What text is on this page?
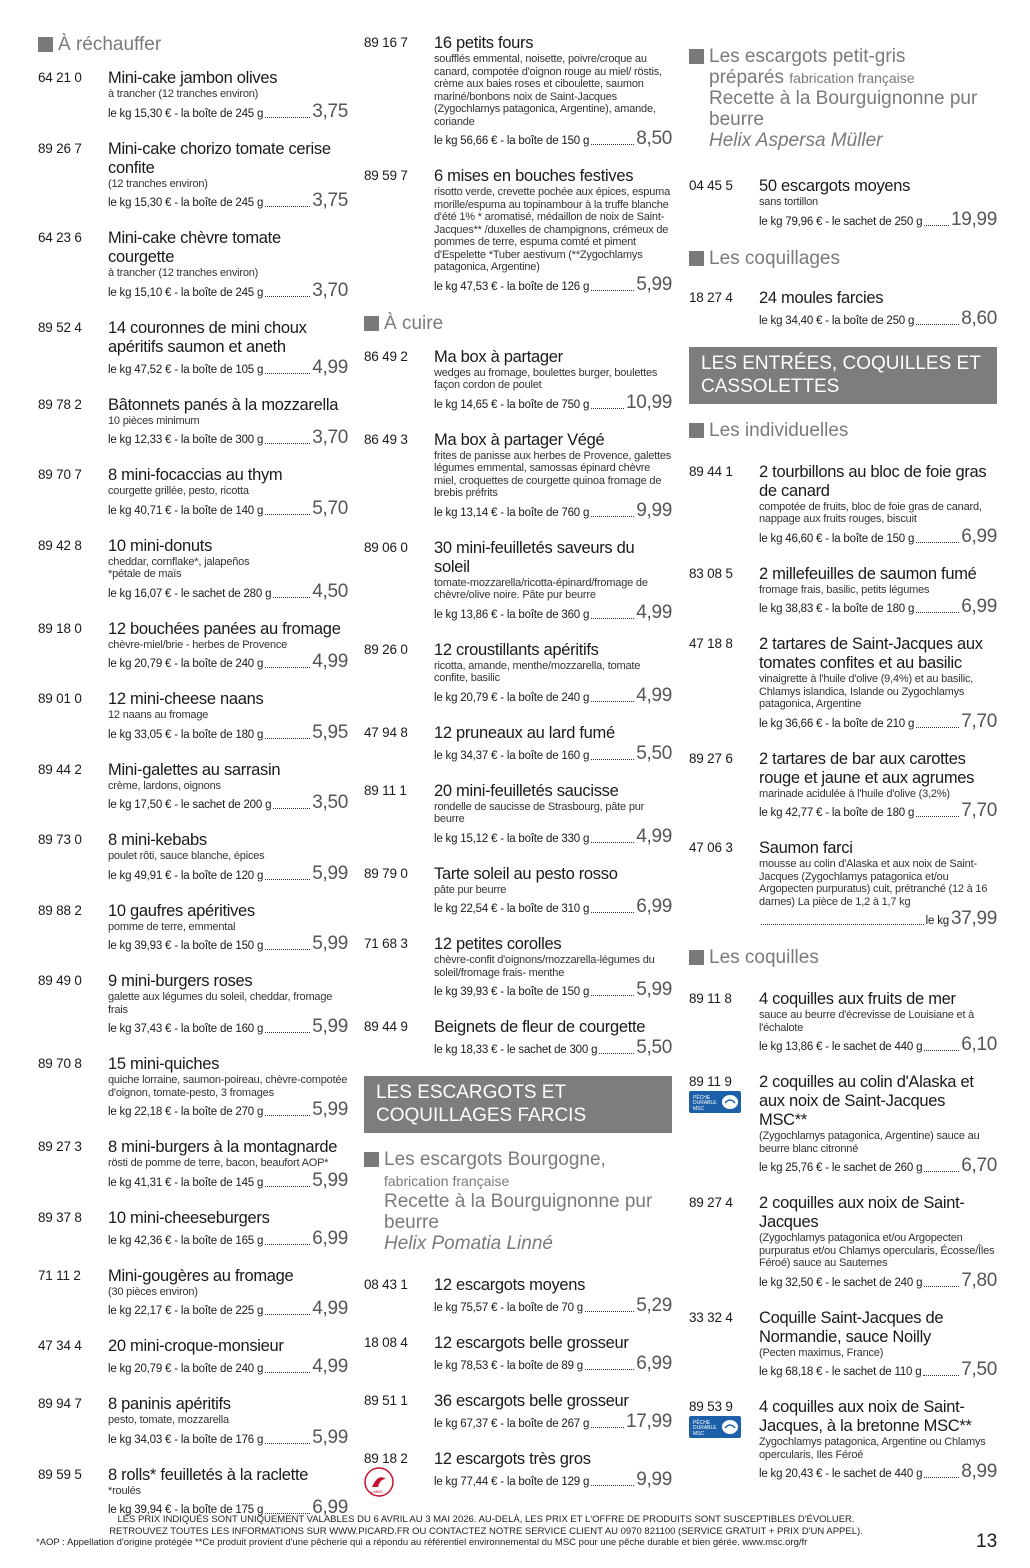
À réchauffer
64 21 0 Mini-cake jambon olives
à trancher (12 tranches environ)
le kg 15,30 € - la boîte de 245 g	3,75
89 26 7 Mini-cake chorizo tomate cerise confite
(12 tranches environ)
le kg 15,30 € - la boîte de 245 g	3,75
64 23 6 Mini-cake chèvre tomate courgette
à trancher (12 tranches environ)
le kg 15,10 € - la boîte de 245 g	3,70
89 52 4 14 couronnes de mini choux apéritifs saumon et aneth
le kg 47,52 € - la boîte de 105 g	4,99
89 78 2 Bâtonnets panés à la mozzarella
10 pièces minimum
le kg 12,33 € - la boîte de 300 g	3,70
89 70 7 8 mini-focaccias au thym
courgette grillée, pesto, ricotta
le kg 40,71 € - la boîte de 140 g	5,70
89 42 8 10 mini-donuts
cheddar, cornflake*, jalapeños
*pétale de maïs
le kg 16,07 € - le sachet de 280 g 4,50
89 18 0 12 bouchées panées au fromage
chèvre-miel/brie - herbes de Provence
le kg 20,79 € - la boîte de 240 g	4,99
89 01 0 12 mini-cheese naans
12 naans au fromage
le kg 33,05 € - la boîte de 180 g	5,95
89 44 2 Mini-galettes au sarrasin
crème, lardons, oignons
le kg 17,50 € - le sachet de 200 g 3,50
89 73 0 8 mini-kebabs
poulet rôti, sauce blanche, épices
le kg 49,91 € - la boîte de 120 g	5,99
89 88 2 10 gaufres apéritives
pomme de terre, emmental
le kg 39,93 € - la boîte de 150 g	5,99
89 49 0 9 mini-burgers roses
galette aux légumes du soleil, cheddar, fromage frais
le kg 37,43 € - la boîte de 160 g	5,99
89 70 8 15 mini-quiches
quiche lorraine, saumon-poireau, chèvre-compotée d'oignon, tomate-pesto, 3 fromages
le kg 22,18 € - la boîte de 270 g	5,99
89 27 3 8 mini-burgers à la montagnarde
rösti de pomme de terre, bacon, beaufort AOP*
le kg 41,31 € - la boîte de 145 g	5,99
89 37 8 10 mini-cheeseburgers
le kg 42,36 € - la boîte de 165 g	6,99
71 11 2 Mini-gougères au fromage
(30 pièces environ)
le kg 22,17 € - la boîte de 225 g	4,99
47 34 4 20 mini-croque-monsieur
le kg 20,79 € - la boîte de 240 g	4,99
89 94 7 8 paninis apéritifs
pesto, tomate, mozzarella
le kg 34,03 € - la boîte de 176 g	5,99
89 59 5 8 rolls* feuilletés à la raclette
*roulés
le kg 39,94 € - la boîte de 175 g	6,99
89 16 7 16 petits fours
soufflés emmental, noisette, poivre/croque au canard, compotée d'oignon rouge au miel/ röstis, crème aux baies roses et ciboulette, saumon mariné/bonbons noix de Saint-Jacques (Zygochlamys patagonica, Argentine), amande, coriande
le kg 56,66 € - la boîte de 150 g 8,50
89 59 7 6 mises en bouches festives
risotto verde, crevette pochée aux épices, espuma morille/espuma au topinambour à la truffe blanche d'été 1% * aromatisé, médaillon de noix de Saint-Jacques** /duxelles de champignons, crémeux de pommes de terre, espuma comté et piment d'Espelette *Tuber aestivum (**Zygochlamys patagonica, Argentine)
le kg 47,53 € - la boîte de 126 g 5,99
À cuire
86 49 2 Ma box à partager
wedges au fromage, boulettes burger, boulettes façon cordon de poulet
le kg 14,65 € - la boîte de 750 g 10,99
86 49 3 Ma box à partager Végé
frites de panisse aux herbes de Provence, galettes légumes emmental, samossas épinard chèvre miel, croquettes de courgette quinoa fromage de brebis préfrits
le kg 13,14 € - la boîte de 760 g 9,99
89 06 0 30 mini-feuilletés saveurs du soleil
tomate-mozzarella/ricotta-épinard/fromage de chèvre/olive noire. Pâte pur beurre
le kg 13,86 € - la boîte de 360 g 4,99
89 26 0 12 croustillants apéritifs
ricotta, amande, menthe/mozzarella, tomate confite, basilic
le kg 20,79 € - la boîte de 240 g 4,99
47 94 8 12 pruneaux au lard fumé
le kg 34,37 € - la boîte de 160 g 5,50
89 11 1 20 mini-feuilletés saucisse
rondelle de saucisse de Strasbourg, pâte pur beurre
le kg 15,12 € - la boîte de 330 g 4,99
89 79 0 Tarte soleil au pesto rosso
pâte pur beurre
le kg 22,54 € - la boîte de 310 g 6,99
71 68 3 12 petites corolles
chèvre-confit d'oignons/mozzarella-légumes du soleil/fromage frais- menthe
le kg 39,93 € - la boîte de 150 g 5,99
89 44 9 Beignets de fleur de courgette
le kg 18,33 € - le sachet de 300 g 5,50
LES ESCARGOTS ET COQUILLAGES FARCIS
Les escargots Bourgogne,
fabrication française
Recette à la Bourguignonne pur beurre
Helix Pomatia Linné
08 43 1 12 escargots moyens
le kg 75,57 € - la boîte de 70 g	5,29
18 08 4 12 escargots belle grosseur
le kg 78,53 € - la boîte de 89 g	6,99
89 51 1 36 escargots belle grosseur
le kg 67,37 € - la boîte de 267 g 17,99
89 18 2
LABEL
12 escargots très gros
le kg 77,44 € - la boîte de 129 g 9,99
Les escargots petit-gris
préparés fabrication française
Recette à la Bourguignonne pur beurre
Helix Aspersa Müller
04 45 5 50 escargots moyens
sans tortillon
le kg 79,96 € - le sachet de 250 g 19,99
Les coquillages
18 27 4 24 moules farcies
le kg 34,40 € - la boîte de 250 g 8,60
LES ENTRÉES, COQUILLES ET CASSOLETTES
Les individuelles
89 44 1 2 tourbillons au bloc de foie gras de canard
compotée de fruits, bloc de foie gras de canard, nappage aux fruits rouges, biscuit
le kg 46,60 € - la boîte de 150 g 6,99
83 08 5 2 millefeuilles de saumon fumé
fromage frais, basilic, petits légumes
le kg 38,83 € - la boîte de 180 g 6,99
47 18 8 2 tartares de Saint-Jacques aux tomates confites et au basilic
vinaigrette à l'huile d'olive (9,4%) et au basilic, Chlamys islandica, Islande ou Zygochlamys patagonica, Argentine
le kg 36,66 € - la boîte de 210 g 7,70
89 27 6 2 tartares de bar aux carottes rouge et jaune et aux agrumes
marinade acidulée à l'huile d'olive (3,2%)
le kg 42,77 € - la boîte de 180 g 7,70
47 06 3 Saumon farci
mousse au colin d'Alaska et aux noix de Saint-Jacques (Zygochlamys patagonica et/ou Argopecten purpuratus) cuit, prétranché (12 à 16 darnes) La pièce de 1,2 à 1,7 kg
le kg 37,99
Les coquilles
89 11 8 4 coquilles aux fruits de mer
sauce au beurre d'écrevisse de Louisiane et à l'échalote
le kg 13,86 € - le sachet de 440 g 6,10
89 11 9
PÊCHE
DURABLE
MSC
2 coquilles au colin d'Alaska et aux noix de Saint-Jacques MSC**
(Zygochlamys patagonica, Argentine) sauce au beurre blanc citronné
le kg 25,76 € - le sachet de 260 g 6,70
89 27 4 2 coquilles aux noix de Saint-Jacques
(Zygochlamys patagonica et/ou Argopecten purpuratus et/ou Chlamys opercularis, Écosse/Îles Féroé) sauce au Sauternes
le kg 32,50 € - le sachet de 240 g 7,80
33 32 4 Coquille Saint-Jacques de Normandie, sauce Noilly
(Pecten maximus, France)
le kg 68,18 € - le sachet de 110 g 7,50
89 53 9
PÊCHE
DURABLE
MSC
4 coquilles aux noix de Saint-Jacques, à la bretonne MSC**
Zygochlamys patagonica, Argentine ou Chlamys opercularis, Iles Féroé
le kg 20,43 € - le sachet de 440 g 8,99
LES PRIX INDIQUÉS SONT UNIQUEMENT VALABLES DU 6 AVRIL AU 3 MAI 2026. AU-DELÀ, LES PRIX ET L'OFFRE DE PRODUITS SONT SUSCEPTIBLES D'ÉVOLUER.
RETROUVEZ TOUTES LES INFORMATIONS SUR WWW.PICARD.FR OU CONTACTEZ NOTRE SERVICE CLIENT AU 0970 821100 (SERVICE GRATUIT + PRIX D'UN APPEL).
*AOP : Appellation d'origine protégée **Ce produit provient d'une pêcherie qui a répondu au référentiel environnemental du MSC pour une pêche durable et bien gérée. www.msc.org/fr	13
